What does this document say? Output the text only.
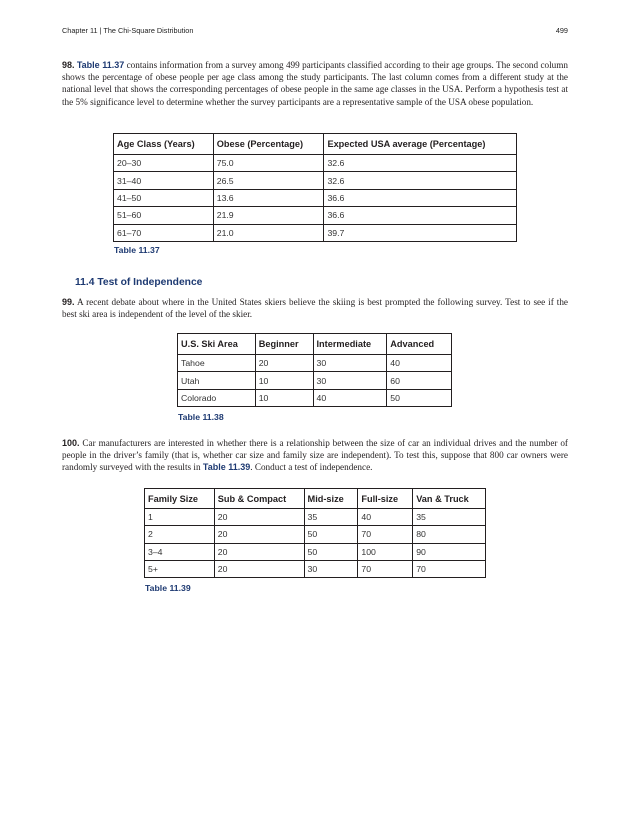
Chapter 11 | The Chi-Square Distribution	499

98. Table 11.37 contains information from a survey among 499 participants classified according to their age groups. The second column shows the percentage of obese people per age class among the study participants. The last column comes from a different study at the national level that shows the corresponding percentages of obese people in the same age classes in the USA. Perform a hypothesis test at the 5% significance level to determine whether the survey participants are a representative sample of the USA obese population.

Age Class (Years)	Obese (Percentage)	Expected USA average (Percentage)
20–30	75.0	32.6
31–40	26.5	32.6
41–50	13.6	36.6
51–60	21.9	36.6
61–70	21.0	39.7
Table 11.37
11.4 Test of Independence

99. A recent debate about where in the United States skiers believe the skiing is best prompted the following survey. Test to see if the best ski area is independent of the level of the skier.

U.S. Ski Area	Beginner	Intermediate	Advanced
Tahoe	20	30	40
Utah	10	30	60
Colorado	10	40	50
Table 11.38

100. Car manufacturers are interested in whether there is a relationship between the size of car an individual drives and the number of people in the driver’s family (that is, whether car size and family size are independent). To test this, suppose that 800 car owners were randomly surveyed with the results in Table 11.39. Conduct a test of independence.

Family Size	Sub & Compact	Mid-size	Full-size	Van & Truck
1	20	35	40	35
2	20	50	70	80
3–4	20	50	100	90
5+	20	30	70	70
Table 11.39
